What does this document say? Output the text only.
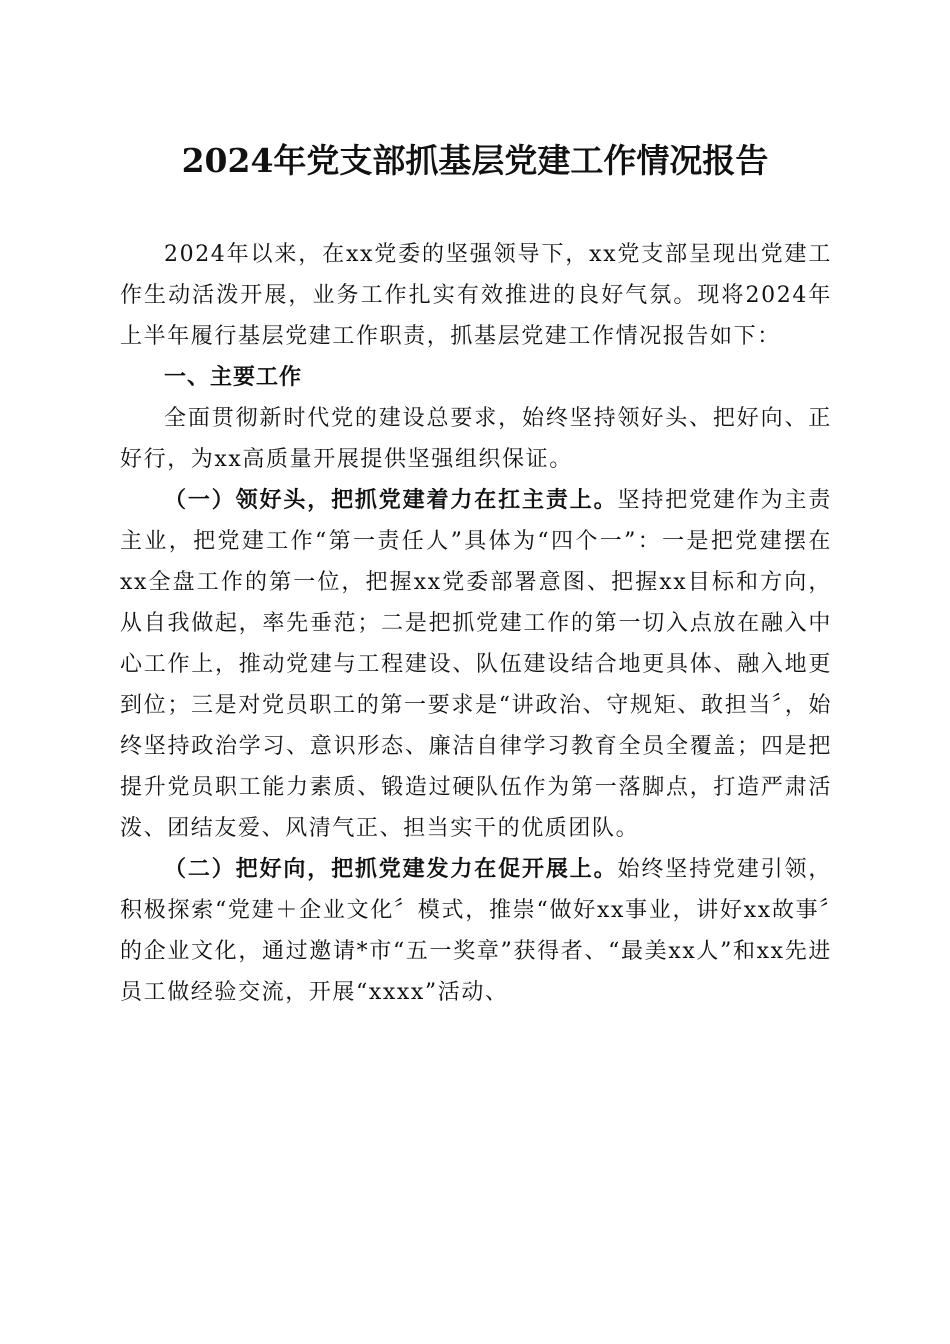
2024年党支部抓基层党建工作情况报告

2024年以来，在xx党委的坚强领导下，xx党支部呈现出党建工作生动活泼开展，业务工作扎实有效推进的良好气氛。现将2024年上半年履行基层党建工作职责，抓基层党建工作情况报告如下：

一、主要工作

全面贯彻新时代党的建设总要求，始终坚持领好头、把好向、正好行，为xx高质量开展提供坚强组织保证。

（一）领好头，把抓党建着力在扛主责上。坚持把党建作为主责主业，把党建工作“第一责任人”具体为“四个一”：一是把党建摆在xx全盘工作的第一位，把握xx党委部署意图、把握xx目标和方向，从自我做起，率先垂范；二是把抓党建工作的第一切入点放在融入中心工作上，推动党建与工程建设、队伍建设结合地更具体、融入地更到位；三是对党员职工的第一要求是“讲政治、守规矩、敢担当〞，始终坚持政治学习、意识形态、廉洁自律学习教育全员全覆盖；四是把提升党员职工能力素质、锻造过硬队伍作为第一落脚点，打造严肃活泼、团结友爱、风清气正、担当实干的优质团队。

（二）把好向，把抓党建发力在促开展上。始终坚持党建引领，积极探索“党建＋企业文化〞模式，推崇“做好xx事业，讲好xx故事〞的企业文化，通过邀请*市“五一奖章”获得者、“最美xx人”和xx先进员工做经验交流，开展“xxxx”活动、
